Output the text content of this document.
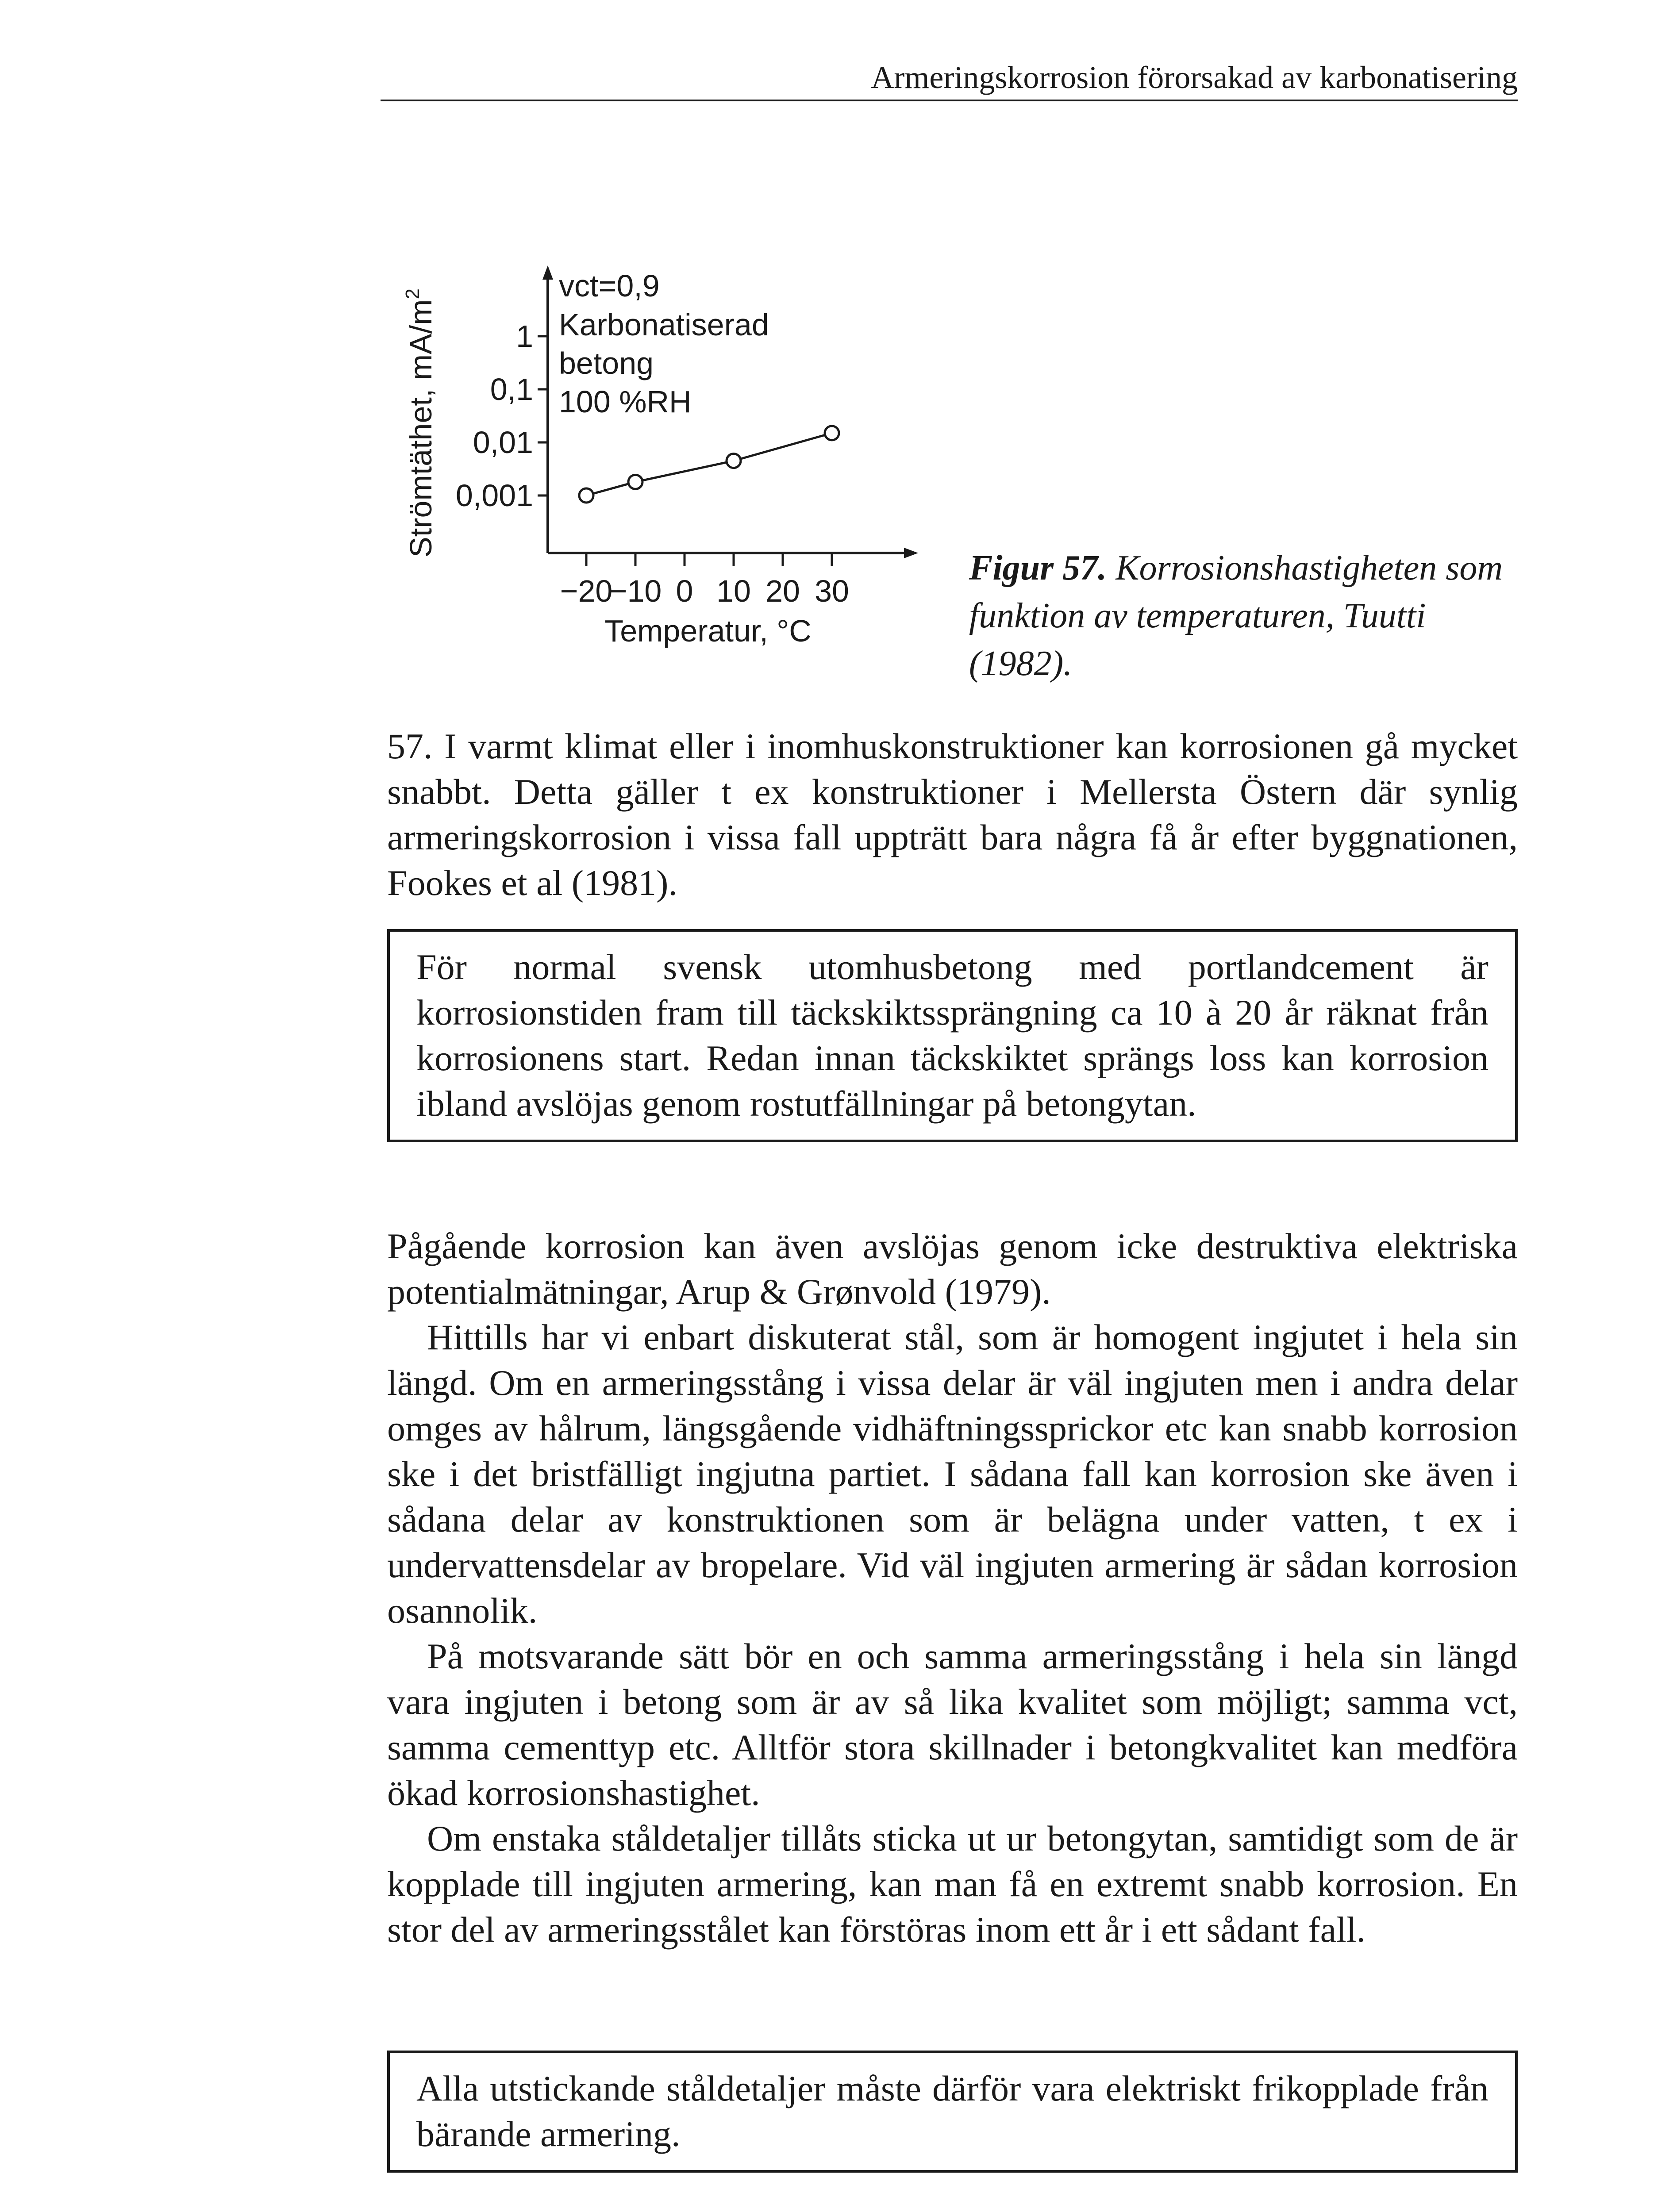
Armeringskorrosion förorsakad av karbonatisering
Strömtäthet, $mA/m^2$
1
0,1
0,01
0,001
−20
−10 0 10 20 30
Temperatur, °C
vct=0,9
Karbonatiserad
betong
100 %RH
Figur 57. Korrosionshastigheten som funktion av temperaturen, Tuutti (1982).

57. I varmt klimat eller i inomhuskonstruktioner kan korrosionen gå mycket snabbt. Detta gäller t ex konstruktioner i Mellersta Östern där synlig armeringskorrosion i vissa fall uppträtt bara några få år efter byggnationen, Fookes et al (1981).

För normal svensk utomhusbetong med portlandcement är korrosionstiden fram till täckskiktssprängning ca 10 à 20 år räknat från korrosionens start. Redan innan täckskiktet sprängs loss kan korrosion ibland avslöjas genom rostutfällningar på betongytan.

Pågående korrosion kan även avslöjas genom icke destruktiva elektriska potentialmätningar, Arup & Grønvold (1979).

Hittills har vi enbart diskuterat stål, som är homogent ingjutet i hela sin längd. Om en armeringsstång i vissa delar är väl ingjuten men i andra delar omges av hålrum, längsgående vidhäftningssprickor etc kan snabb korrosion ske i det bristfälligt ingjutna partiet. I sådana fall kan korrosion ske även i sådana delar av konstruktionen som är belägna under vatten, t ex i undervattensdelar av bropelare. Vid väl ingjuten armering är sådan korrosion osannolik.

På motsvarande sätt bör en och samma armeringsstång i hela sin längd vara ingjuten i betong som är av så lika kvalitet som möjligt; samma vct, samma cementtyp etc. Alltför stora skillnader i betongkvalitet kan medföra ökad korrosionshastighet.

Om enstaka ståldetaljer tillåts sticka ut ur betongytan, samtidigt som de är kopplade till ingjuten armering, kan man få en extremt snabb korrosion. En stor del av armeringsstålet kan förstöras inom ett år i ett sådant fall.

Alla utstickande ståldetaljer måste därför vara elektriskt frikopplade från bärande armering.
